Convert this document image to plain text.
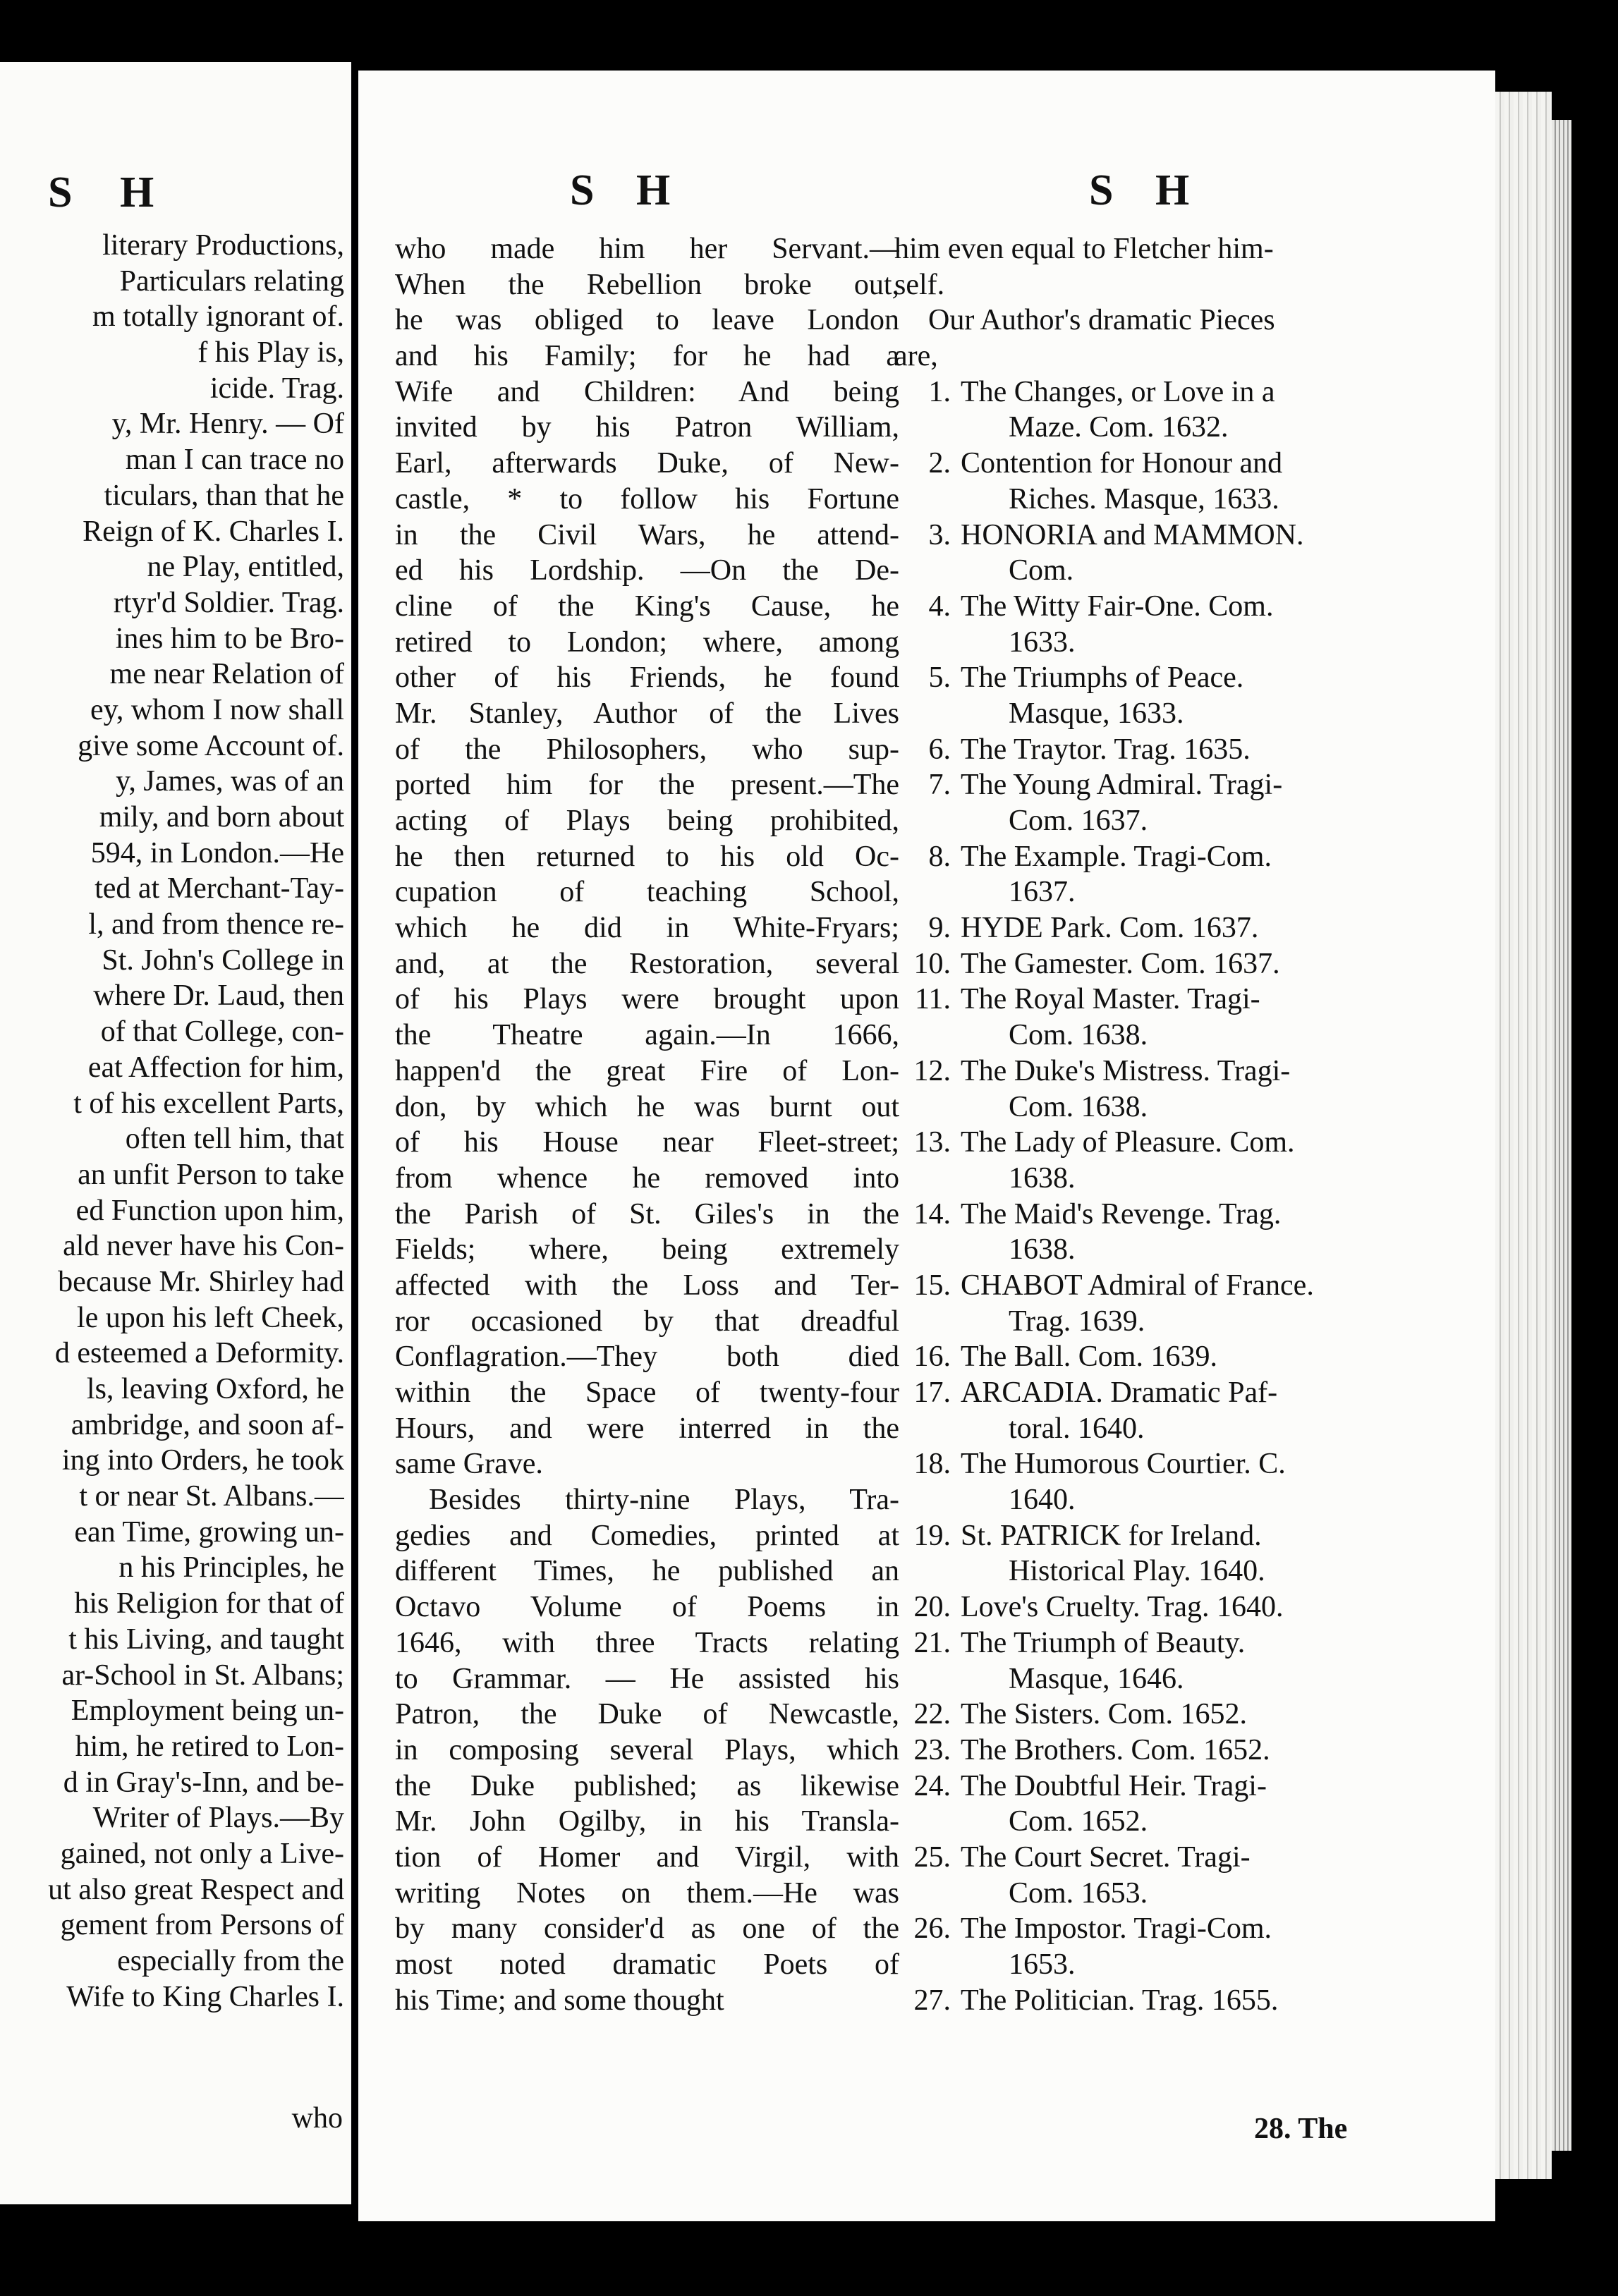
S H
literary Productions,
Particulars relating
m totally ignorant of.
f his Play is,
icide. Trag.
y, Mr. Henry. — Of
man I can trace no
ticulars, than that he
Reign of K. Charles I.
ne Play, entitled,
rtyr'd Soldier. Trag.
ines him to be Bro-
me near Relation of
ey, whom I now shall
give some Account of.
y, James, was of an
mily, and born about
594, in London.—He
ted at Merchant-Tay-
l, and from thence re-
St. John's College in
where Dr. Laud, then
of that College, con-
eat Affection for him,
t of his excellent Parts,
often tell him, that
an unfit Person to take
ed Function upon him,
ald never have his Con-
because Mr. Shirley had
le upon his left Cheek,
d esteemed a Deformity.
ls, leaving Oxford, he
ambridge, and soon af-
ing into Orders, he took
t or near St. Albans.—
ean Time, growing un-
n his Principles, he
his Religion for that of
t his Living, and taught
ar-School in St. Albans;
Employment being un-
him, he retired to Lon-
d in Gray's-Inn, and be-
Writer of Plays.—By
gained, not only a Live-
ut also great Respect and
gement from Persons of
especially from the
Wife to King Charles I.
who
S H	S H
who made him her Servant.—
When the Rebellion broke out,
he was obliged to leave London
and his Family; for he had a
Wife and Children: And being
invited by his Patron William,
Earl, afterwards Duke, of New-
castle, * to follow his Fortune
in the Civil Wars, he attend-
ed his Lordship. —On the De-
cline of the King's Cause, he
retired to London; where, among
other of his Friends, he found
Mr. Stanley, Author of the Lives
of the Philosophers, who sup-
ported him for the present.—The
acting of Plays being prohibited,
he then returned to his old Oc-
cupation of teaching School,
which he did in White-Fryars;
and, at the Restoration, several
of his Plays were brought upon
the Theatre again.—In 1666,
happen'd the great Fire of Lon-
don, by which he was burnt out
of his House near Fleet-street;
from whence he removed into
the Parish of St. Giles's in the
Fields; where, being extremely
affected with the Loss and Ter-
ror occasioned by that dreadful
Conflagration.—They both died
within the Space of twenty-four
Hours, and were interred in the
same Grave.
Besides thirty-nine Plays, Tra-
gedies and Comedies, printed at
different Times, he published an
Octavo Volume of Poems in
1646, with three Tracts relating
to Grammar. — He assisted his
Patron, the Duke of Newcastle,
in composing several Plays, which
the Duke published; as likewise
Mr. John Ogilby, in his Transla-
tion of Homer and Virgil, with
writing Notes on them.—He was
by many consider'd as one of the
most noted dramatic Poets of
his Time; and some thought
him even equal to Fletcher him-
self.
Our Author's dramatic Pieces
are,
1. The Changes, or Love in a
Maze. Com. 1632.
2. Contention for Honour and
Riches. Masque, 1633.
3. HONORIA and MAMMON.
Com.
4. The Witty Fair-One. Com.
1633.
5. The Triumphs of Peace.
Masque, 1633.
6. The Traytor. Trag. 1635.
7. The Young Admiral. Tragi-
Com. 1637.
8. The Example. Tragi-Com.
1637.
9. HYDE Park. Com. 1637.
10. The Gamester. Com. 1637.
11. The Royal Master. Tragi-
Com. 1638.
12. The Duke's Mistress. Tragi-
Com. 1638.
13. The Lady of Pleasure. Com.
1638.
14. The Maid's Revenge. Trag.
1638.
15. CHABOT Admiral of France.
Trag. 1639.
16. The Ball. Com. 1639.
17. ARCADIA. Dramatic Paf-
toral. 1640.
18. The Humorous Courtier. C.
1640.
19. St. PATRICK for Ireland.
Historical Play. 1640.
20. Love's Cruelty. Trag. 1640.
21. The Triumph of Beauty.
Masque, 1646.
22. The Sisters. Com. 1652.
23. The Brothers. Com. 1652.
24. The Doubtful Heir. Tragi-
Com. 1652.
25. The Court Secret. Tragi-
Com. 1653.
26. The Impostor. Tragi-Com.
1653.
27. The Politician. Trag. 1655.
28. The
